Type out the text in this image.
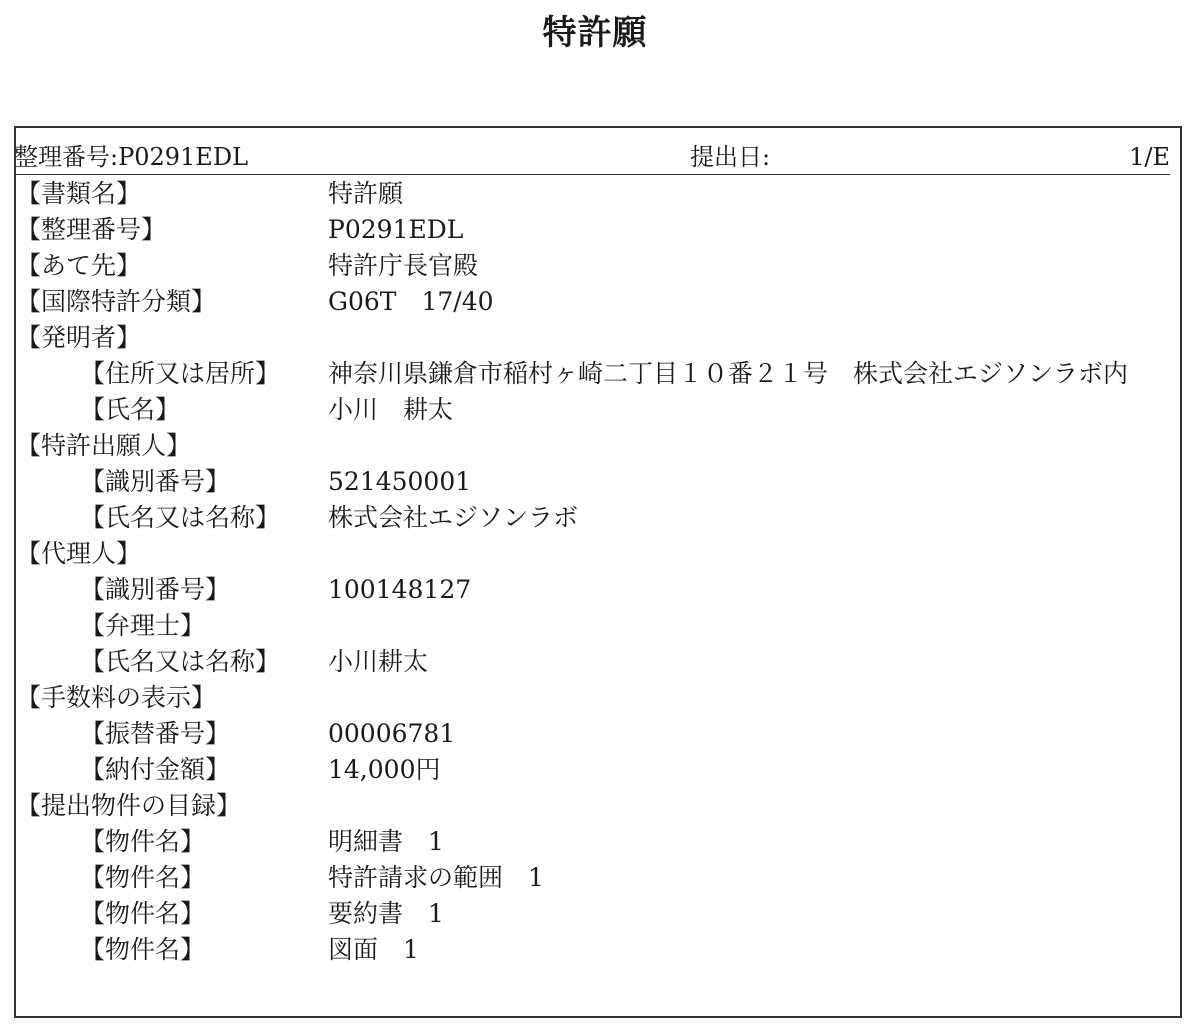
特許願
整理番号:P0291EDL	提出日:	1/E
【書類名】	特許願
【整理番号】	P0291EDL
【あて先】	特許庁長官殿
【国際特許分類】	G06T　17/40
【発明者】
【住所又は居所】 神奈川県鎌倉市稲村ヶ崎二丁目１０番２１号　株式会社エジソンラボ内
【氏名】	小川　耕太
【特許出願人】
【識別番号】	521450001
【氏名又は名称】 株式会社エジソンラボ
【代理人】
【識別番号】	100148127
【弁理士】
【氏名又は名称】 小川耕太
【手数料の表示】
【振替番号】	00006781
【納付金額】	14,000円
【提出物件の目録】
【物件名】	明細書　1
【物件名】	特許請求の範囲　1
【物件名】	要約書　1
【物件名】	図面　1
